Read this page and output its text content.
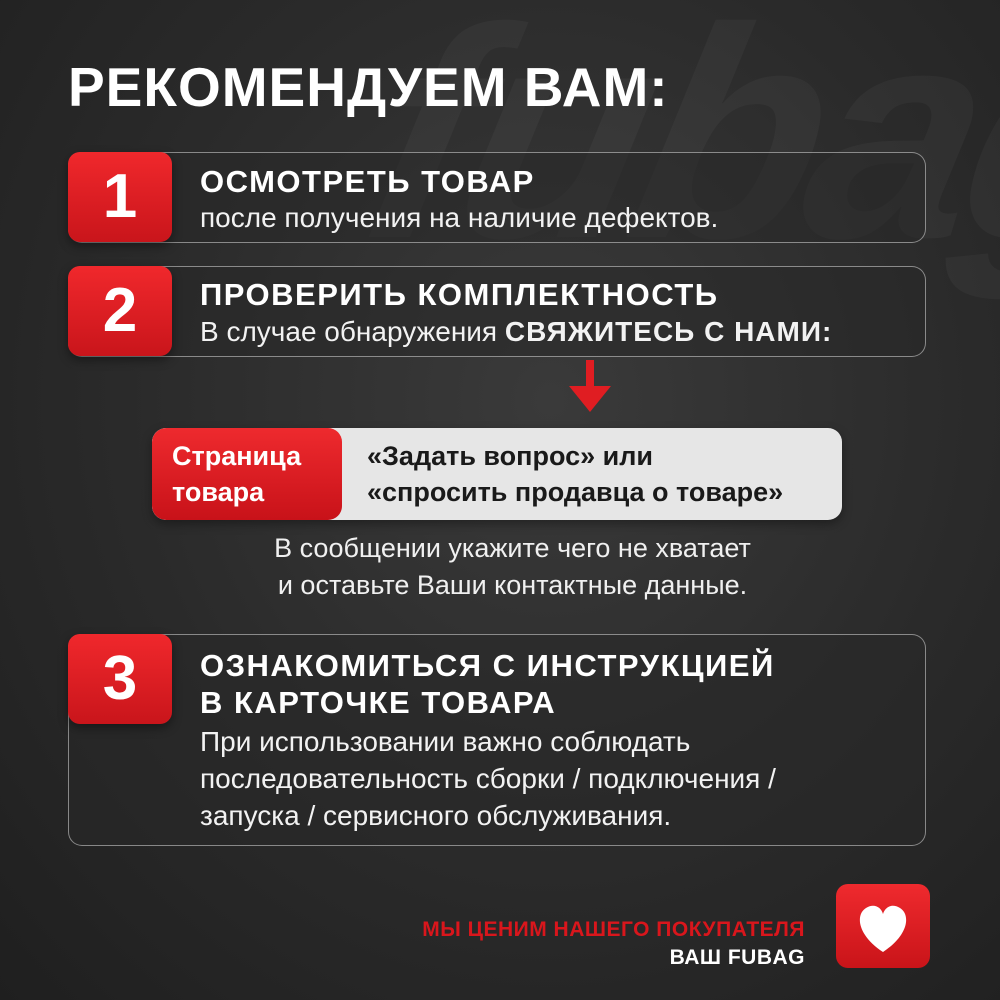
РЕКОМЕНДУЕМ ВАМ:
1	ОСМОТРЕТЬ ТОВАР
после получения на наличие дефектов.
2	ПРОВЕРИТЬ КОМПЛЕКТНОСТЬ
В случае обнаружения СВЯЖИТЕСЬ С НАМИ:
Страница
товара
«Задать вопрос» или
«спросить продавца о товаре»
В сообщении укажите чего не хватает
и оставьте Ваши контактные данные.
3	ОЗНАКОМИТЬСЯ С ИНСТРУКЦИЕЙ
В КАРТОЧКЕ ТОВАРА
При использовании важно соблюдать
последовательность сборки / подключения /
запуска / сервисного обслуживания.
МЫ ЦЕНИМ НАШЕГО ПОКУПАТЕЛЯ
ВАШ FUBAG
